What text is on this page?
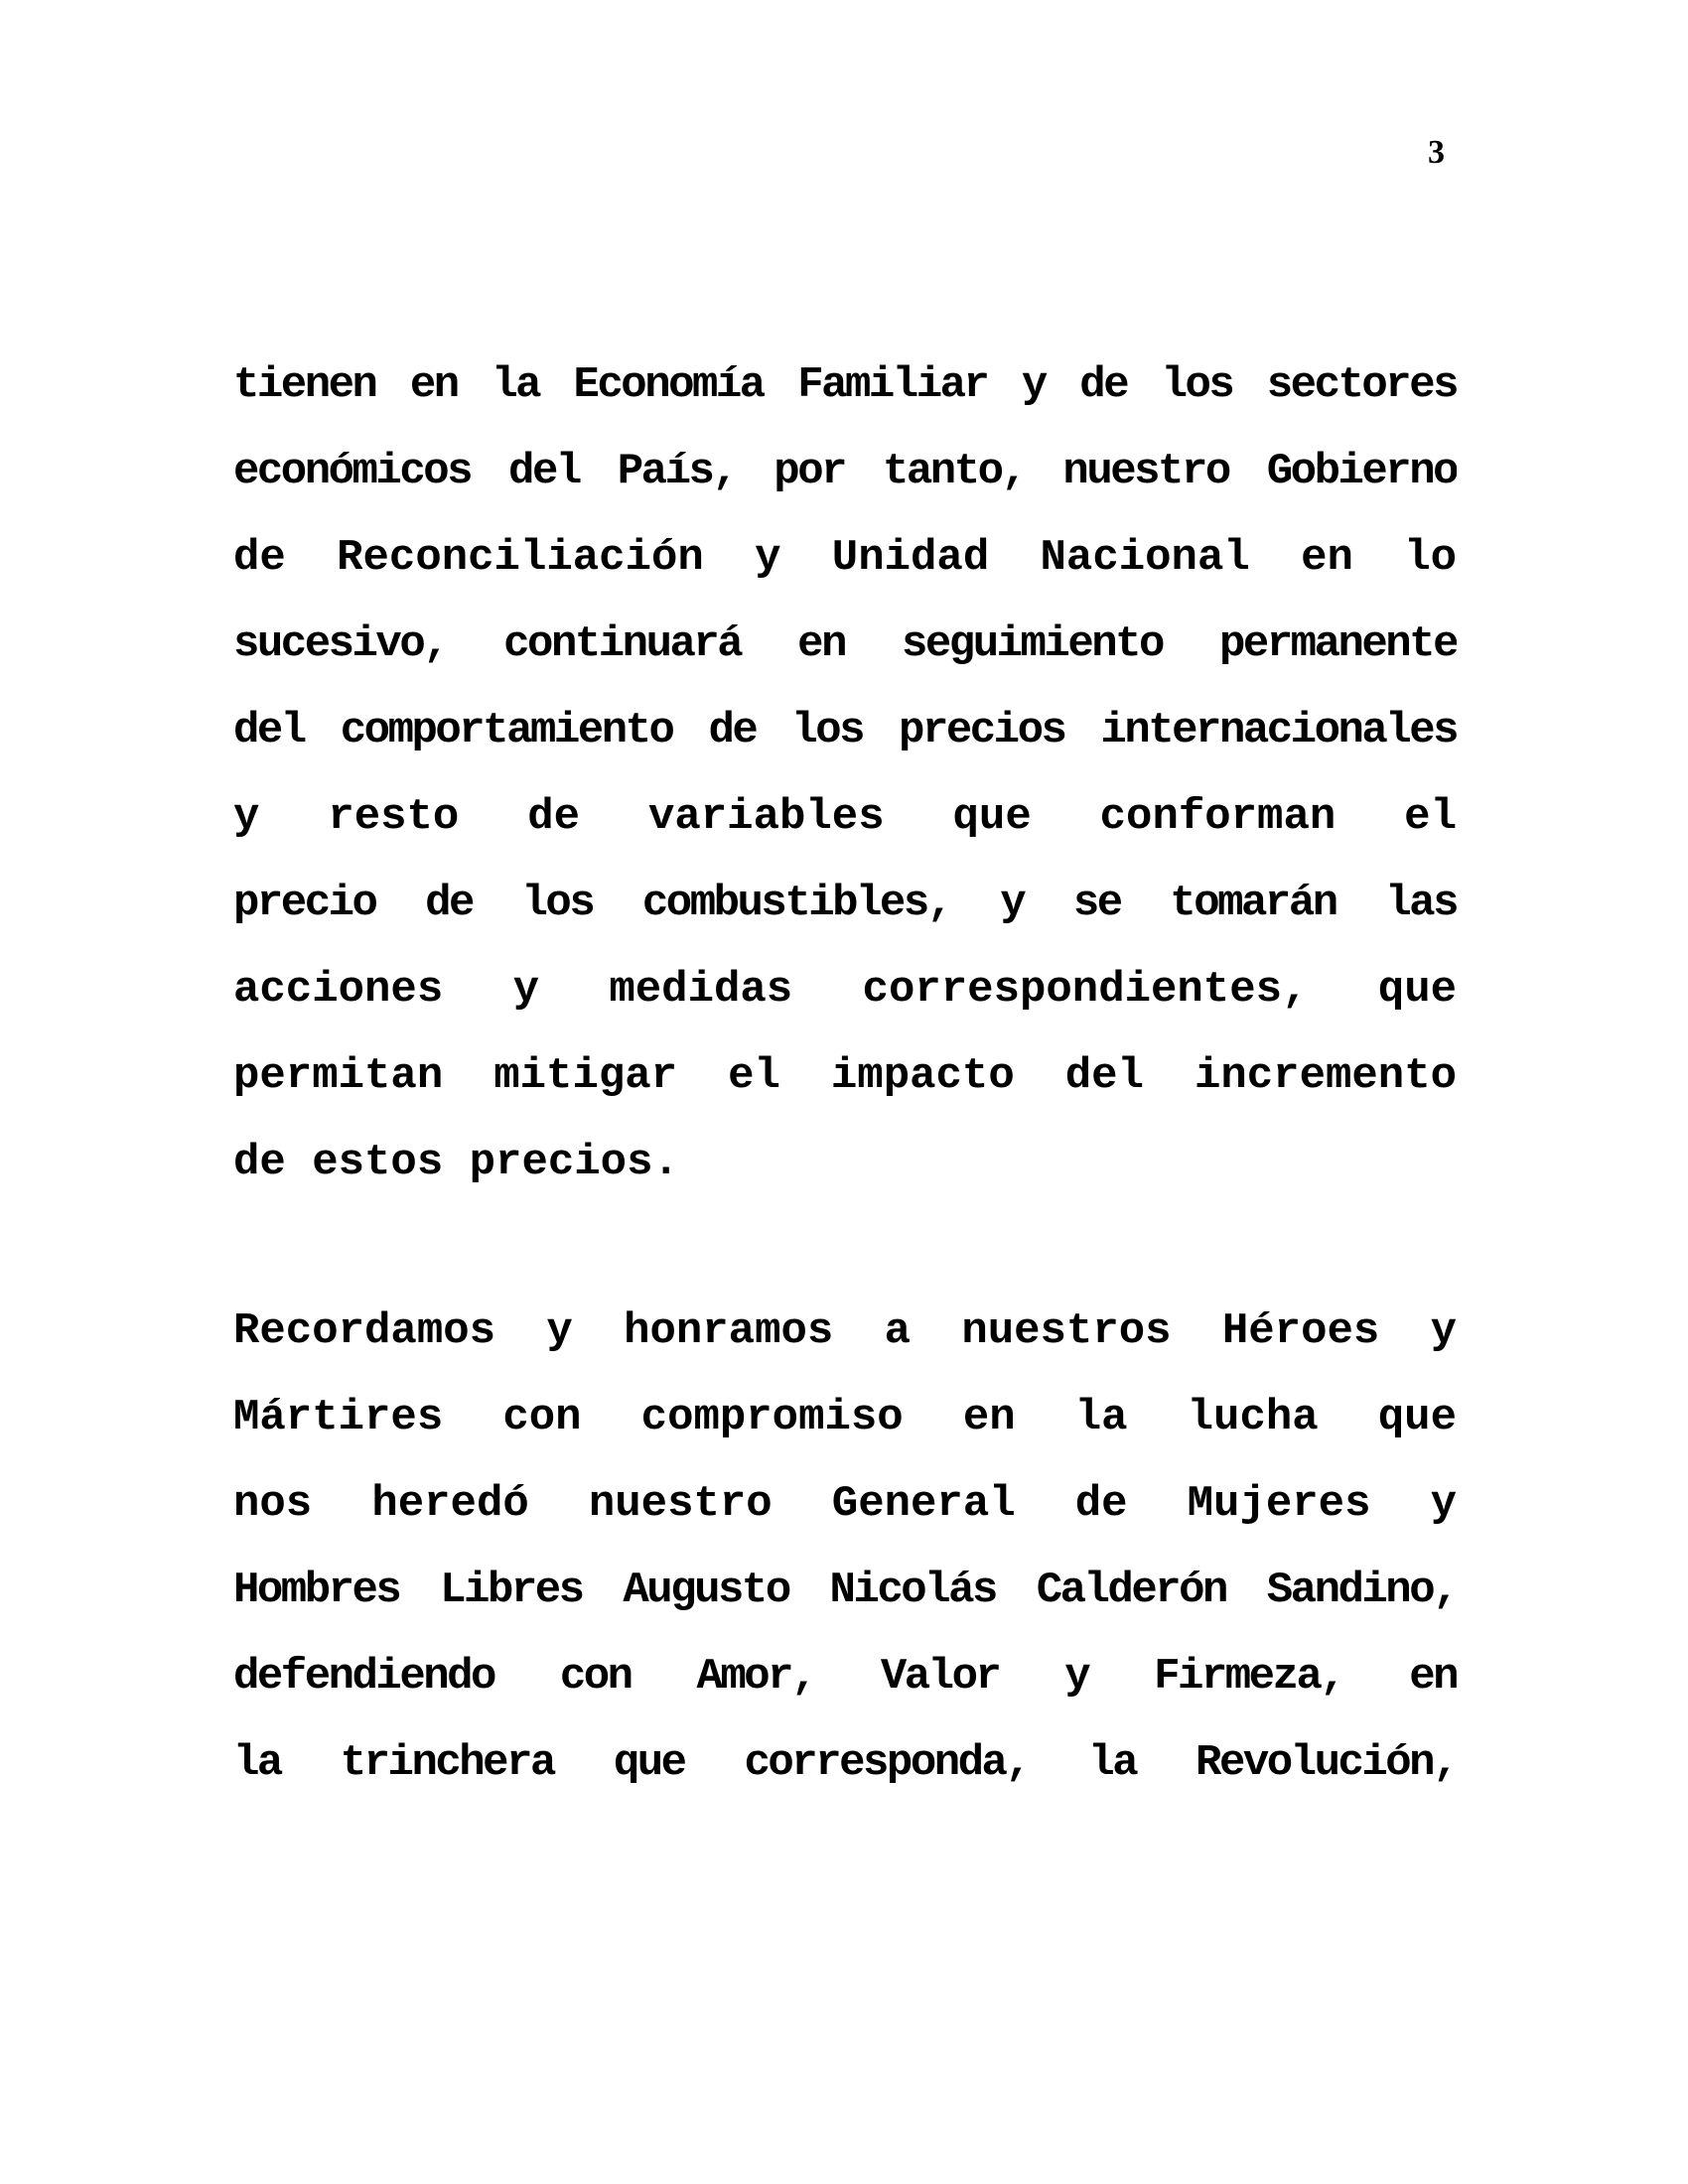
3
tienen en la Economía Familiar y de los sectores
económicos del País, por tanto, nuestro Gobierno
de Reconciliación y Unidad Nacional en lo
sucesivo, continuará en seguimiento permanente
del comportamiento de los precios internacionales
y resto de variables que conforman el
precio de los combustibles, y se tomarán las
acciones y medidas correspondientes, que
permitan mitigar el impacto del incremento
de estos precios.
Recordamos y honramos a nuestros Héroes y
Mártires con compromiso en la lucha que
nos heredó nuestro General de Mujeres y
Hombres Libres Augusto Nicolás Calderón Sandino,
defendiendo con Amor, Valor y Firmeza, en
la trinchera que corresponda, la Revolución,
